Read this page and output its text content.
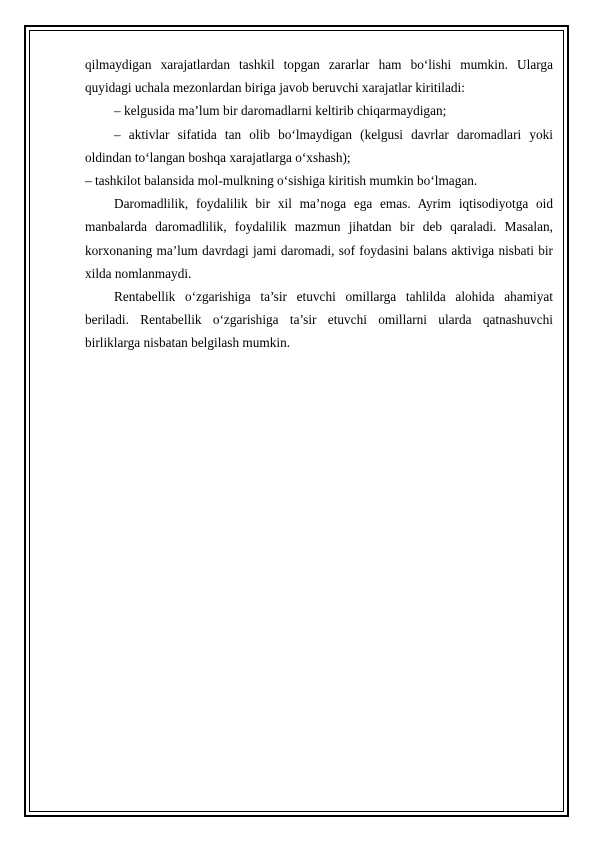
qilmaydigan xarajatlardan tashkil topgan zararlar ham bo‘lishi mumkin. Ularga quyidagi uchala mezonlardan biriga javob beruvchi xarajatlar kiritiladi:

– kelgusida ma’lum bir daromadlarni keltirib chiqarmaydigan;

– aktivlar sifatida tan olib bo‘lmaydigan (kelgusi davrlar daromadlari yoki oldindan to‘langan boshqa xarajatlarga o‘xshash);

– tashkilot balansida mol-mulkning o‘sishiga kiritish mumkin bo‘lmagan.

Daromadlilik, foydalilik bir xil ma’noga ega emas. Ayrim iqtisodiyotga oid manbalarda daromadlilik, foydalilik mazmun jihatdan bir deb qaraladi. Masalan, korxonaning ma’lum davrdagi jami daromadi, sof foydasini balans aktiviga nisbati bir xilda nomlanmaydi.

Rentabellik o‘zgarishiga ta’sir etuvchi omillarga tahlilda alohida ahamiyat beriladi. Rentabellik o‘zgarishiga ta’sir etuvchi omillarni ularda qatnashuvchi birliklarga nisbatan belgilash mumkin.
